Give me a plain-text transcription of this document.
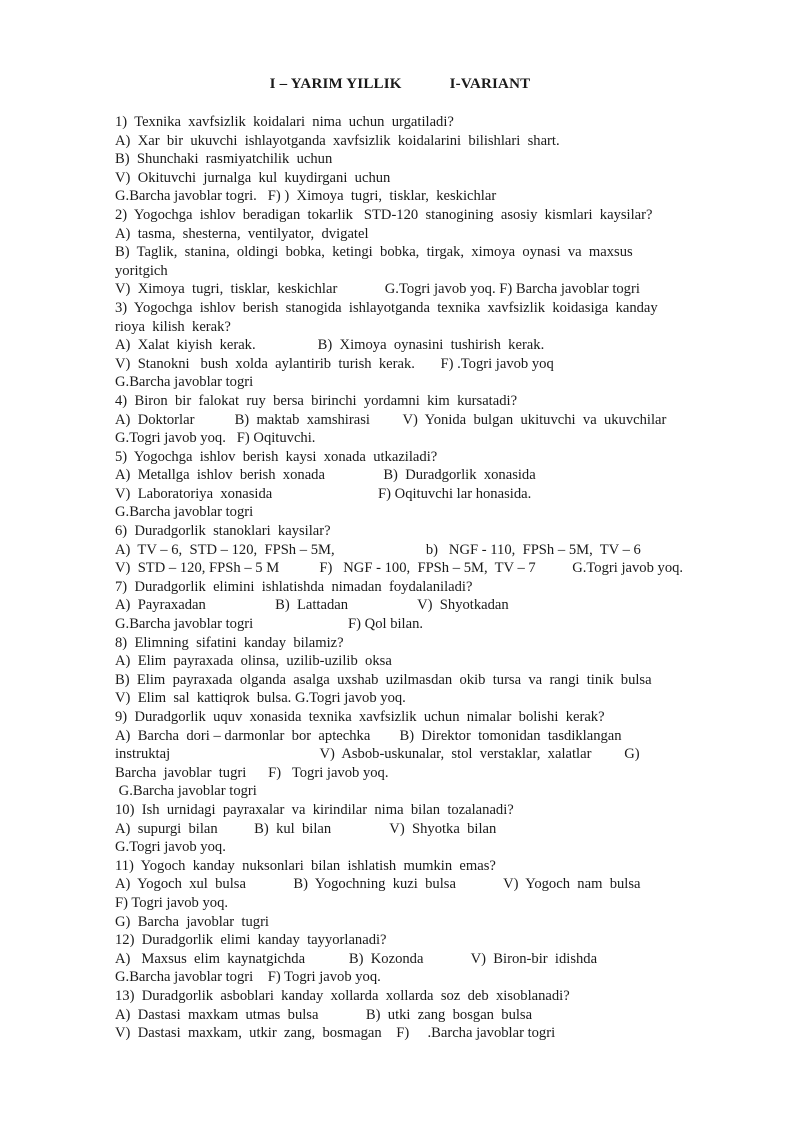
I – YARIM YILLIK	I-VARIANT
1)  Texnika  xavfsizlik  koidalari  nima  uchun  urgatiladi?
A)  Xar  bir  ukuvchi  ishlayotganda  xavfsizlik  koidalarini  bilishlari  shart.
B)  Shunchaki  rasmiyatchilik  uchun
V)  Okituvchi  jurnalga  kul  kuydirgani  uchun
G.Barcha javoblar togri.   F) )  Ximoya  tugri,  tisklar,  keskichlar
2)  Yogochga  ishlov  beradigan  tokarlik   STD-120  stanogining  asosiy  kismlari  kaysilar?
A)  tasma,  shesterna,  ventilyator,  dvigatel
B)  Taglik,  stanina,  oldingi  bobka,  ketingi  bobka,  tirgak,  ximoya  oynasi  va  maxsus
yoritgich
V)  Ximoya  tugri,  tisklar,  keskichlar             G.Togri javob yoq. F) Barcha javoblar togri
3)  Yogochga  ishlov  berish  stanogida  ishlayotganda  texnika  xavfsizlik  koidasiga  kanday
rioya  kilish  kerak?
A)  Xalat  kiyish  kerak.                 B)  Ximoya  oynasini  tushirish  kerak.
V)  Stanokni   bush  xolda  aylantirib  turish  kerak.       F) .Togri javob yoq
G.Barcha javoblar togri
4)  Biron  bir  falokat  ruy  bersa  birinchi  yordamni  kim  kursatadi?
A)  Doktorlar           B)  maktab  xamshirasi         V)  Yonida  bulgan  ukituvchi  va  ukuvchilar
G.Togri javob yoq.   F) Oqituvchi.
5)  Yogochga  ishlov  berish  kaysi  xonada  utkaziladi?
A)  Metallga  ishlov  berish  xonada                B)  Duradgorlik  xonasida
V)  Laboratoriya  xonasida                             F) Oqituvchi lar honasida.
G.Barcha javoblar togri
6)  Duradgorlik  stanoklari  kaysilar?
A)  TV – 6,  STD – 120,  FPSh – 5M,                         b)   NGF - 110,  FPSh – 5M,  TV – 6
V)  STD – 120, FPSh – 5 M           F)   NGF - 100,  FPSh – 5M,  TV – 7          G.Togri javob yoq.
7)  Duradgorlik  elimini  ishlatishda  nimadan  foydalaniladi?
A)  Payraxadan                   B)  Lattadan                   V)  Shyotkadan
G.Barcha javoblar togri                          F) Qol bilan.
8)  Elimning  sifatini  kanday  bilamiz?
A)  Elim  payraxada  olinsa,  uzilib-uzilib  oksa
B)  Elim  payraxada  olganda  asalga  uxshab  uzilmasdan  okib  tursa  va  rangi  tinik  bulsa
V)  Elim  sal  kattiqrok  bulsa. G.Togri javob yoq.
9)  Duradgorlik  uquv  xonasida  texnika  xavfsizlik  uchun  nimalar  bolishi  kerak?
A)  Barcha  dori – darmonlar  bor  aptechka        B)  Direktor  tomonidan  tasdiklangan
instruktaj                                         V)  Asbob-uskunalar,  stol  verstaklar,  xalatlar         G)
Barcha  javoblar  tugri      F)   Togri javob yoq.
G.Barcha javoblar togri
10)  Ish  urnidagi  payraxalar  va  kirindilar  nima  bilan  tozalanadi?
A)  supurgi  bilan          B)  kul  bilan                V)  Shyotka  bilan
G.Togri javob yoq.
11)  Yogoch  kanday  nuksonlari  bilan  ishlatish  mumkin  emas?
A)  Yogoch  xul  bulsa             B)  Yogochning  kuzi  bulsa             V)  Yogoch  nam  bulsa
F) Togri javob yoq.
G)  Barcha  javoblar  tugri
12)  Duradgorlik  elimi  kanday  tayyorlanadi?
A)   Maxsus  elim  kaynatgichda            B)  Kozonda             V)  Biron-bir  idishda
G.Barcha javoblar togri    F) Togri javob yoq.
13)  Duradgorlik  asboblari  kanday  xollarda  xollarda  soz  deb  xisoblanadi?
A)  Dastasi  maxkam  utmas  bulsa             B)  utki  zang  bosgan  bulsa
V)  Dastasi  maxkam,  utkir  zang,  bosmagan    F)     .Barcha javoblar togri
